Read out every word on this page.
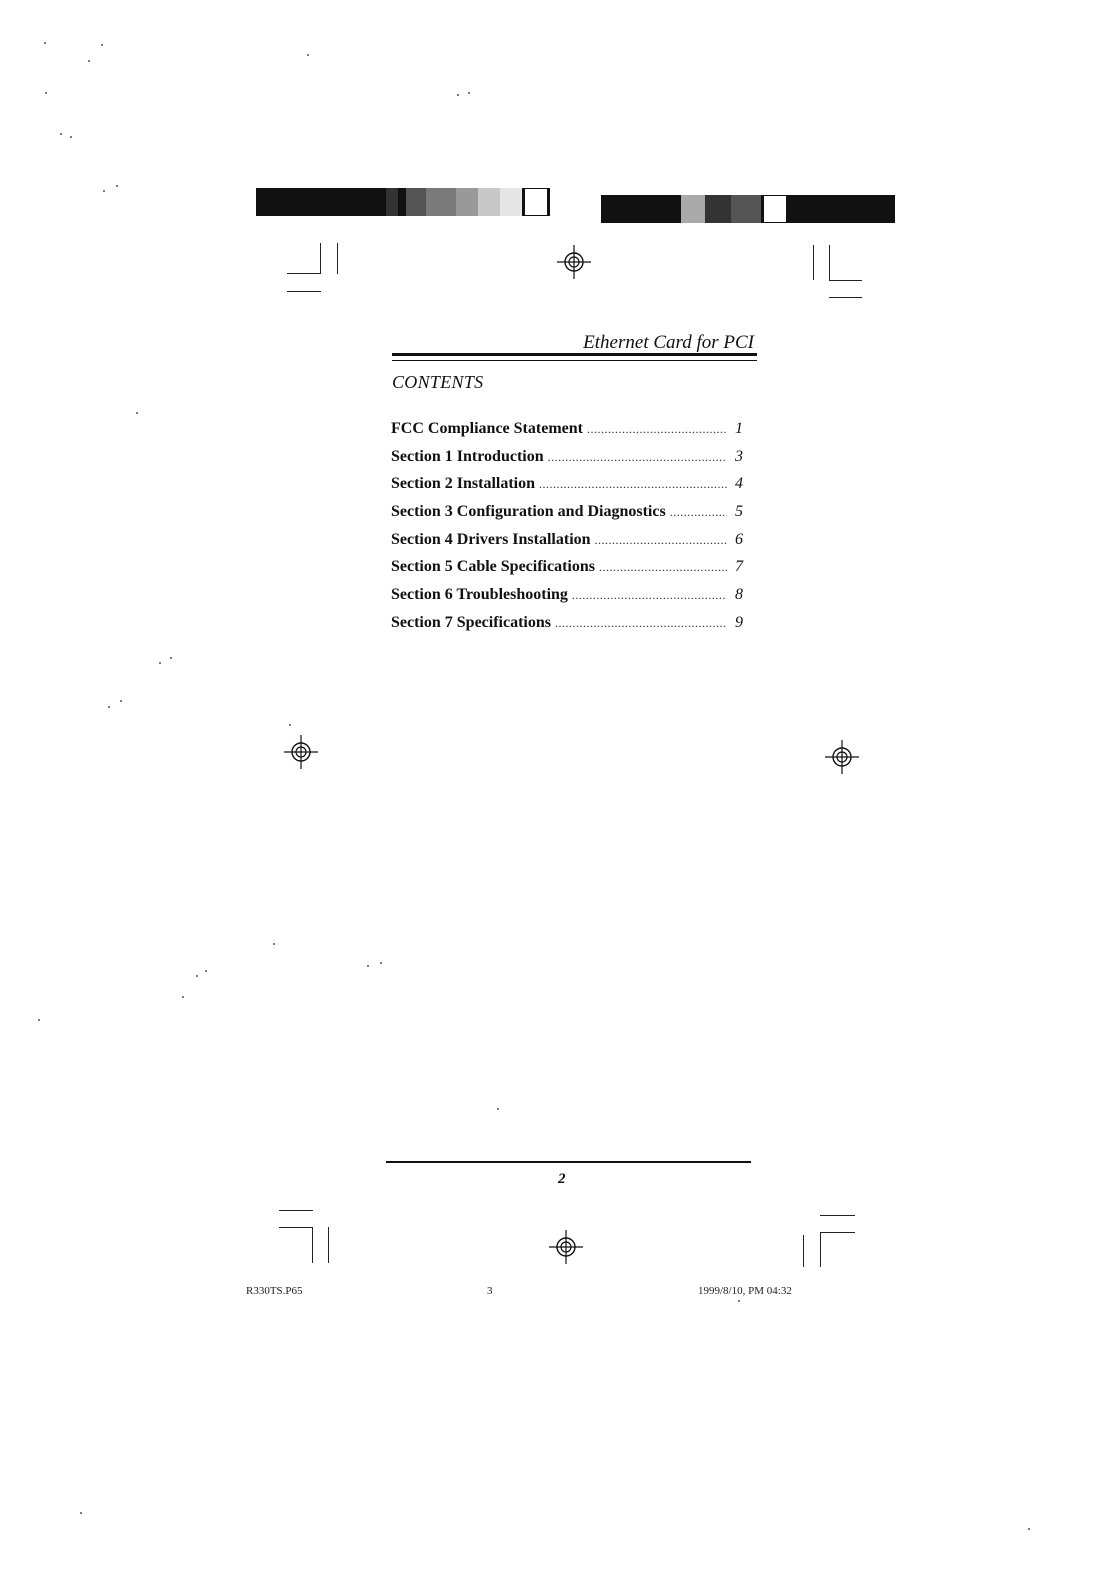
Ethernet Card for PCI
CONTENTS
FCC Compliance Statement .....	1
Section 1 Introduction .....	3
Section 2 Installation .....	4
Section 3 Configuration and Diagnostics .....	5
Section 4 Drivers Installation .....	6
Section 5 Cable Specifications .....	7
Section 6 Troubleshooting .....	8
Section 7 Specifications .....	9
2
R330TS.P65	3	1999/8/10, PM 04:32
